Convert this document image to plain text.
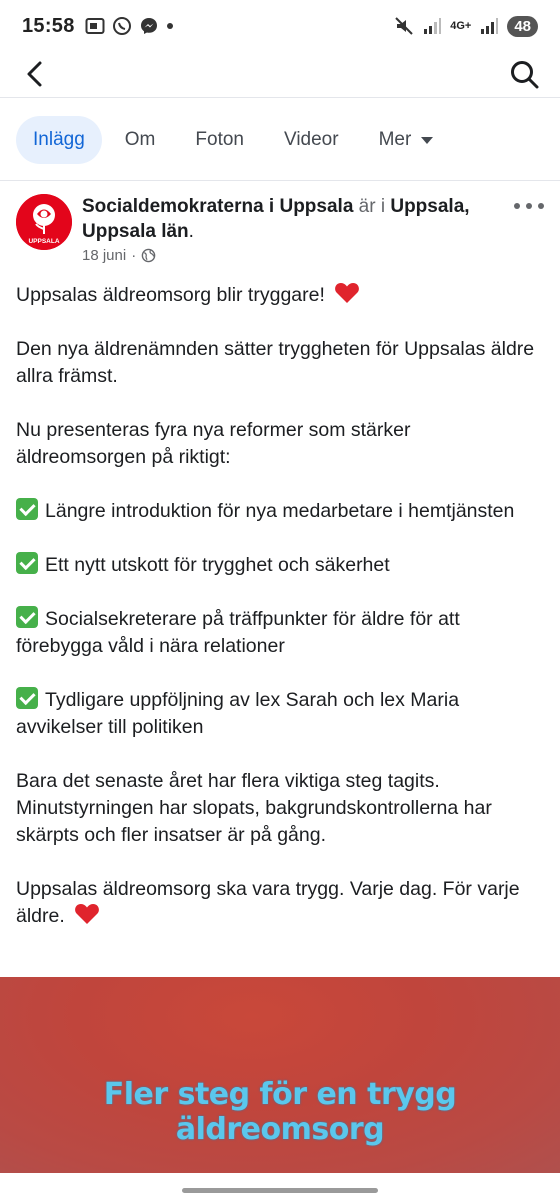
15:58	4G+	48
Inlägg Om Foton Videor Mer
UPPSALA
Socialdemokraterna i Uppsala är i Uppsala, Uppsala län.
18 juni ·
Uppsalas äldreomsorg blir tryggare!
Den nya äldrenämnden sätter tryggheten för Uppsalas äldre allra främst.
Nu presenteras fyra nya reformer som stärker äldreomsorgen på riktigt:
Längre introduktion för nya medarbetare i hemtjänsten
Ett nytt utskott för trygghet och säkerhet
Socialsekreterare på träffpunkter för äldre för att förebygga våld i nära relationer
Tydligare uppföljning av lex Sarah och lex Maria avvikelser till politiken
Bara det senaste året har flera viktiga steg tagits. Minutstyrningen har slopats, bakgrundskontrollerna har skärpts och fler insatser är på gång.
Uppsalas äldreomsorg ska vara trygg. Varje dag. För varje äldre.
Fler steg för en trygg äldreomsorg
